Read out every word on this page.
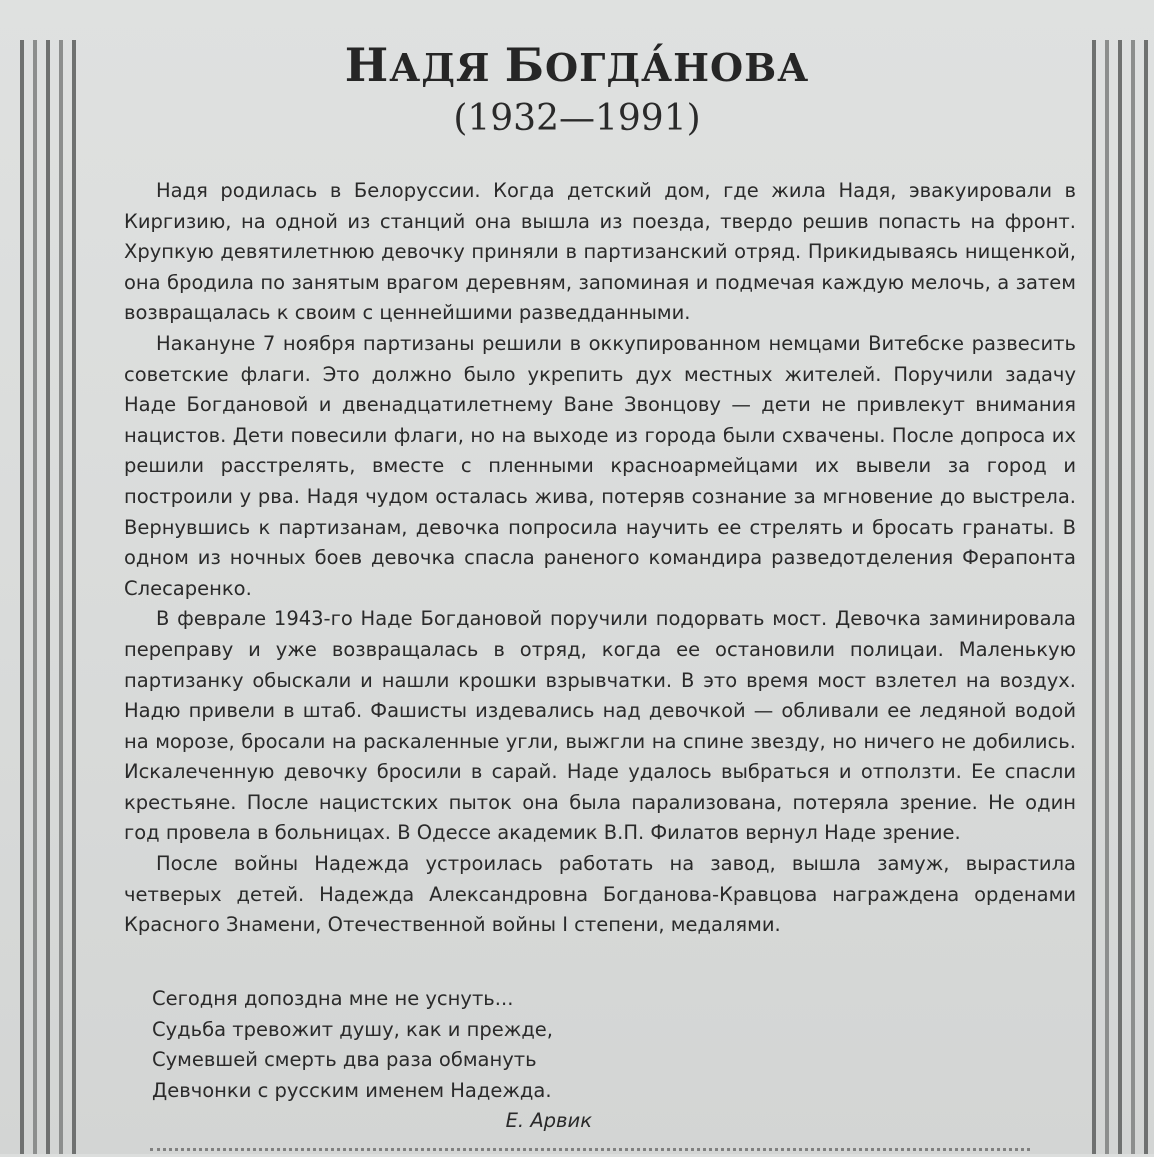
НАДЯ БОГДА́НОВА
(1932—1991)

Надя родилась в Белоруссии. Когда детский дом, где жила Надя, эвакуировали в Киргизию, на одной из станций она вышла из поезда, твердо решив попасть на фронт. Хрупкую девятилетнюю девочку приняли в партизанский отряд. Прикидываясь нищенкой, она бродила по занятым врагом деревням, запоминая и подмечая каждую мелочь, а затем возвращалась к своим с ценнейшими разведданными.

Накануне 7 ноября партизаны решили в оккупированном немцами Витебске развесить советские флаги. Это должно было укрепить дух местных жителей. Поручили задачу Наде Богдановой и двенадцатилетнему Ване Звонцову — дети не привлекут внимания нацистов. Дети повесили флаги, но на выходе из города были схвачены. После допроса их решили расстрелять, вместе с пленными красноармейцами их вывели за город и построили у рва. Надя чудом осталась жива, потеряв сознание за мгновение до выстрела. Вернувшись к партизанам, девочка попросила научить ее стрелять и бросать гранаты. В одном из ночных боев девочка спасла раненого командира разведотделения Ферапонта Слесаренко.

В феврале 1943-го Наде Богдановой поручили подорвать мост. Девочка заминировала переправу и уже возвращалась в отряд, когда ее остановили полицаи. Маленькую партизанку обыскали и нашли крошки взрывчатки. В это время мост взлетел на воздух. Надю привели в штаб. Фашисты издевались над девочкой — обливали ее ледяной водой на морозе, бросали на раскаленные угли, выжгли на спине звезду, но ничего не добились. Искалеченную девочку бросили в сарай. Наде удалось выбраться и отползти. Ее спасли крестьяне. После нацистских пыток она была парализована, потеряла зрение. Не один год провела в больницах. В Одессе академик В.П. Филатов вернул Наде зрение.

После войны Надежда устроилась работать на завод, вышла замуж, вырастила четверых детей. Надежда Александровна Богданова-Кравцова награждена орденами Красного Знамени, Отечественной войны I степени, медалями.

Сегодня допоздна мне не уснуть...
Судьба тревожит душу, как и прежде,
Сумевшей смерть два раза обмануть
Девчонки с русским именем Надежда.
Е. Арвик
